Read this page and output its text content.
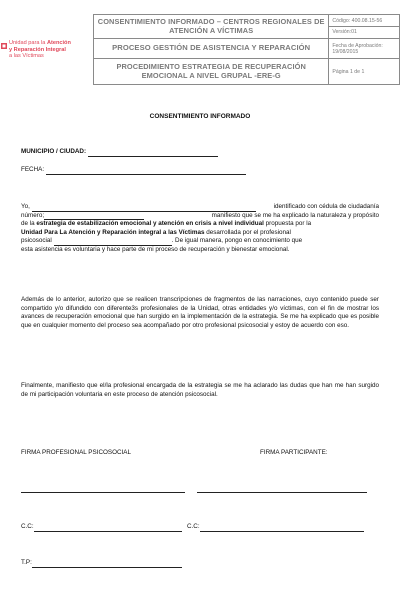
Unidad para la Atención
y Reparación Integral
a las Víctimas
CONSENTIMIENTO INFORMADO – CENTROS REGIONALES DE ATENCIÓN A VÍCTIMAS	Código: 400.08.15-56
Versión:01

PROCESO GESTIÓN DE ASISTENCIA Y REPARACIÓN	Fecha de Aprobación:
19/08/2015

PROCEDIMIENTO ESTRATEGIA DE RECUPERACIÓN EMOCIONAL A NIVEL GRUPAL -ERE-G	Página 1 de 1
CONSENTIMIENTO INFORMADO
MUNICIPIO / CIUDAD:
FECHA:
Yo,	identificado con cédula de ciudadanía
número;	manifiesto que se me ha explicado la naturaleza y propósito
de la estrategia de estabilización emocional y atención en crisis a nivel individual propuesta por la
Unidad Para La Atención y Reparación integral a las Víctimas desarrollada por el profesional
psicosocial	. De igual manera, pongo en conocimiento que
esta asistencia es voluntaria y hace parte de mi proceso de recuperación y bienestar emocional.

Además de lo anterior, autorizo que se realicen transcripciones de fragmentos de las narraciones, cuyo contenido puede ser compartido y/o difundido con diferente3s profesionales de la Unidad, otras entidades y/o víctimas, con el fin de mostrar los avances de recuperación emocional que han surgido en la implementación de la estrategia. Se me ha explicado que es posible que en cualquier momento del proceso sea acompañado por otro profesional psicosocial y estoy de acuerdo con eso.

Finalmente, manifiesto que el/la profesional encargada de la estrategia se me ha aclarado las dudas que han me han surgido de mi participación voluntaria en este proceso de atención psicosocial.

FIRMA PROFESIONAL PSICOSOCIAL	FIRMA PARTICIPANTE:
C.C:	C.C:
T.P:
